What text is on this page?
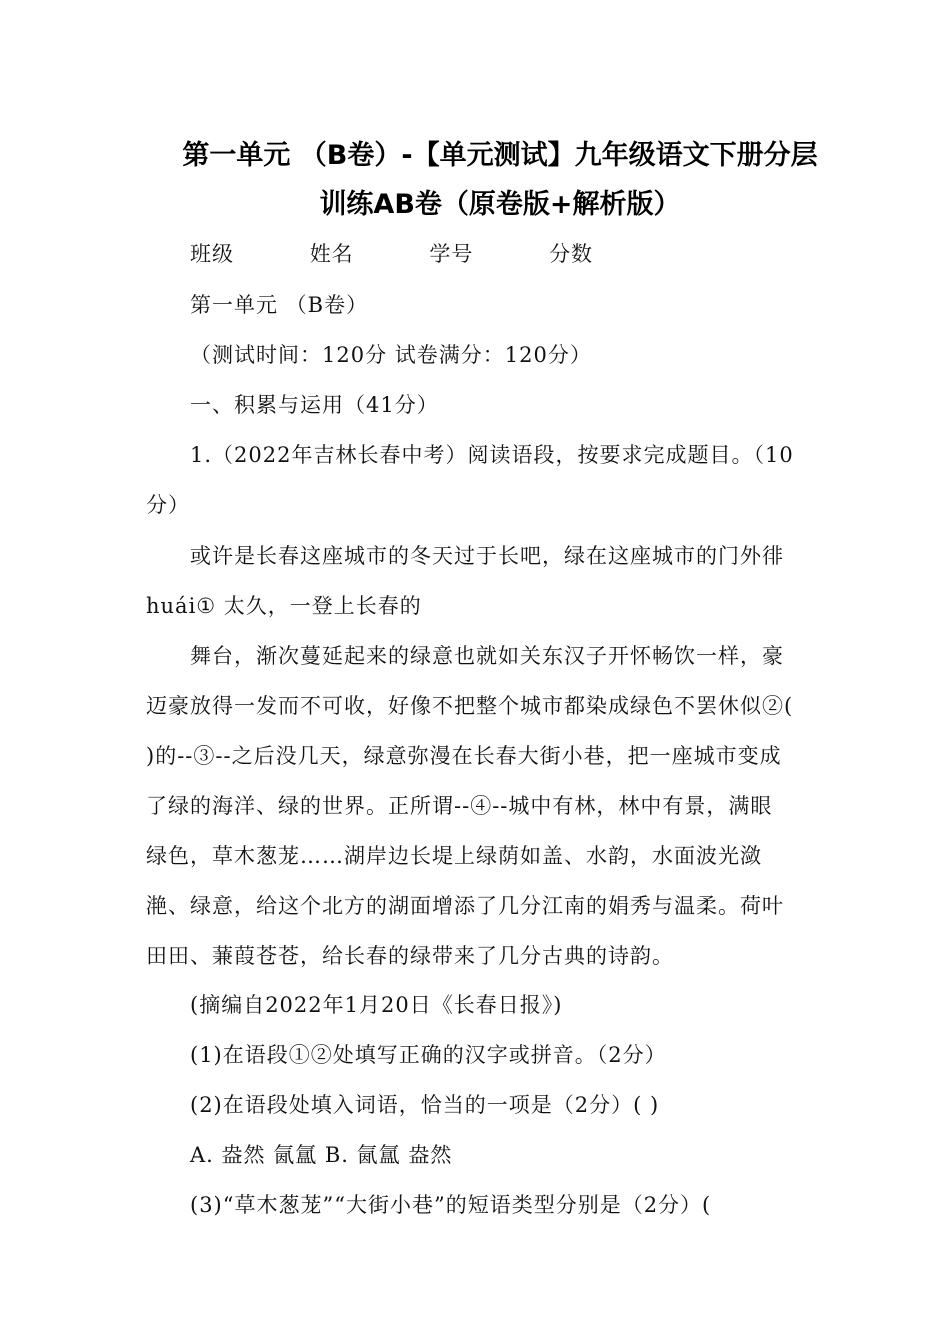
第一单元 （B卷）-【单元测试】九年级语文下册分层
训练AB卷（原卷版+解析版）
班级	姓名	学号	分数
第一单元 （B卷）
（测试时间：120分 试卷满分：120分）
一、积累与运用（41分）
1.（2022年吉林长春中考）阅读语段，按要求完成题目。（10
分）
或许是长春这座城市的冬天过于长吧，绿在这座城市的门外徘
huái① 太久，一登上长春的
舞台，渐次蔓延起来的绿意也就如关东汉子开怀畅饮一样，豪
迈豪放得一发而不可收，好像不把整个城市都染成绿色不罢休似②(
)的--③--之后没几天，绿意弥漫在长春大街小巷，把一座城市变成
了绿的海洋、绿的世界。正所谓--④--城中有林，林中有景，满眼
绿色，草木葱茏……湖岸边长堤上绿荫如盖、水韵，水面波光潋
滟、绿意，给这个北方的湖面增添了几分江南的娟秀与温柔。荷叶
田田、蒹葭苍苍，给长春的绿带来了几分古典的诗韵。
(摘编自2022年1月20日《长春日报》)
(1)在语段①②处填写正确的汉字或拼音。（2分）
(2)在语段处填入词语，恰当的一项是（2分）( )
A. 盎然 氤氲 B. 氤氲 盎然
(3)“草木葱茏”“大街小巷”的短语类型分别是（2分）(
